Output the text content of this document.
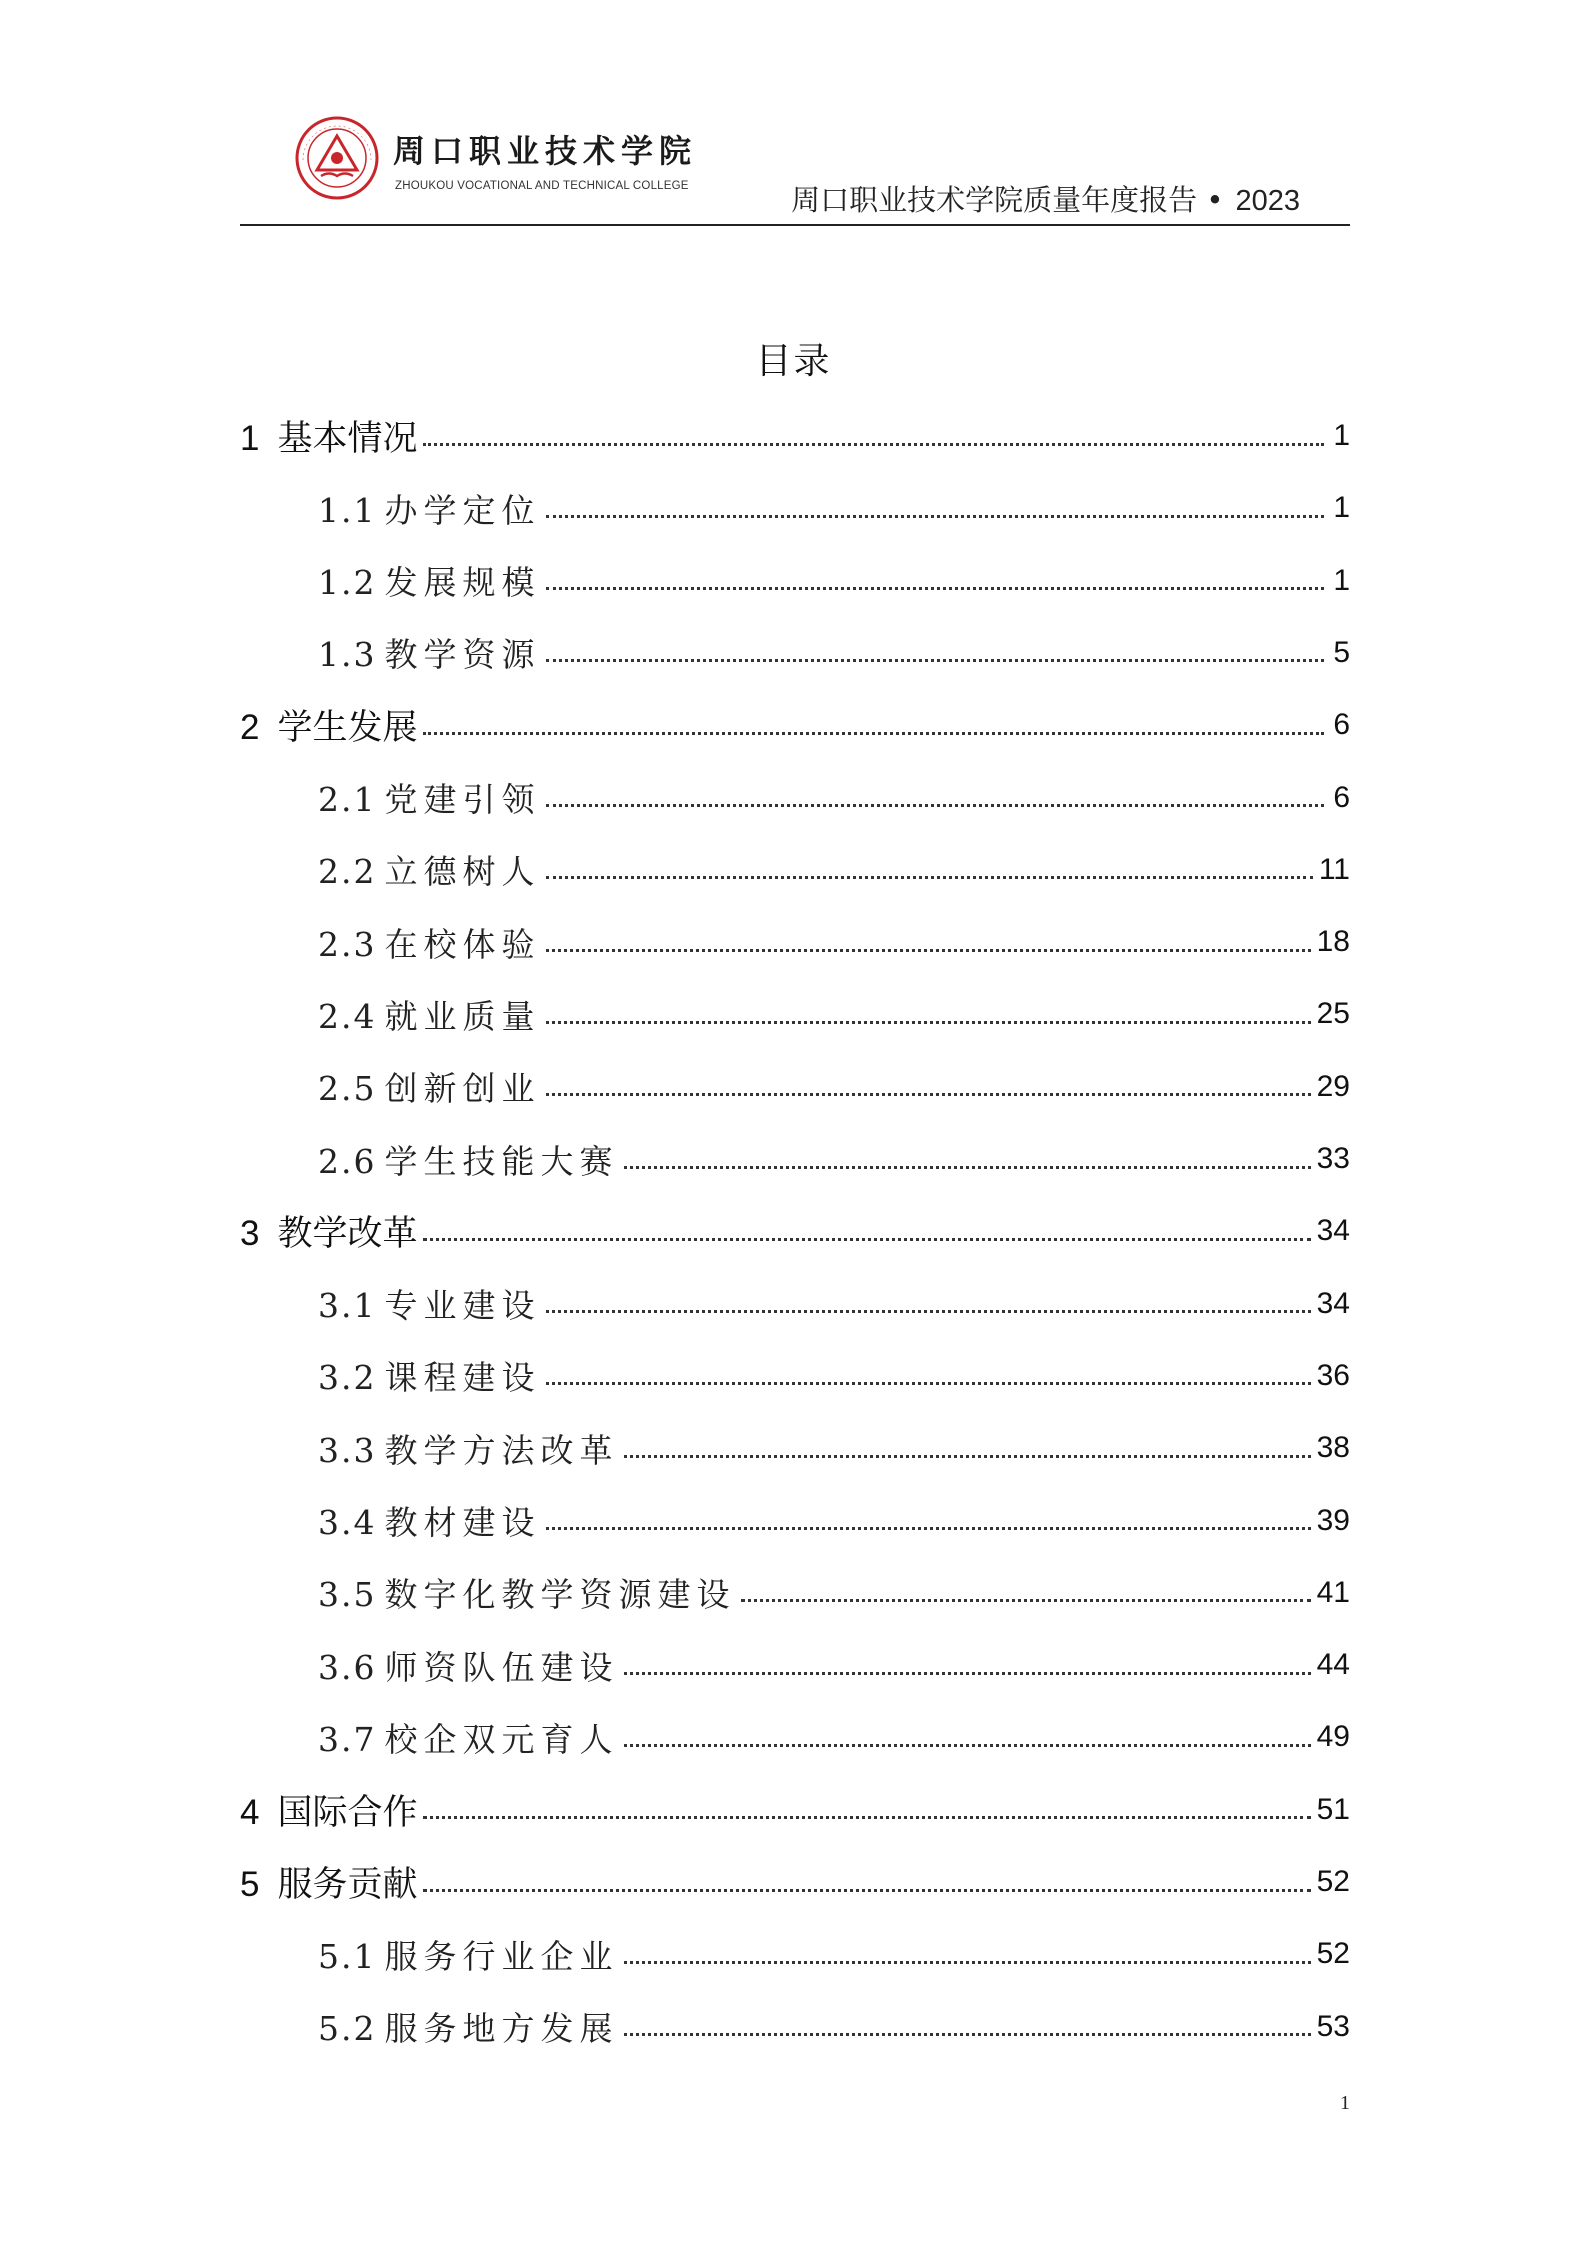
周口职业技术学院
ZHOUKOU VOCATIONAL AND TECHNICAL COLLEGE	周口职业技术学院质量年度报告 • 2023
目录
1 基本情况	1
1.1 办学定位	1
1.2 发展规模	1
1.3 教学资源	5
2 学生发展	6
2.1 党建引领	6
2.2 立德树人	11
2.3 在校体验	18
2.4 就业质量	25
2.5 创新创业	29
2.6 学生技能大赛	33
3 教学改革	34
3.1 专业建设	34
3.2 课程建设	36
3.3 教学方法改革	38
3.4 教材建设	39
3.5 数字化教学资源建设	41
3.6 师资队伍建设	44
3.7 校企双元育人	49
4 国际合作	51
5 服务贡献	52
5.1 服务行业企业	52
5.2 服务地方发展	53
1
